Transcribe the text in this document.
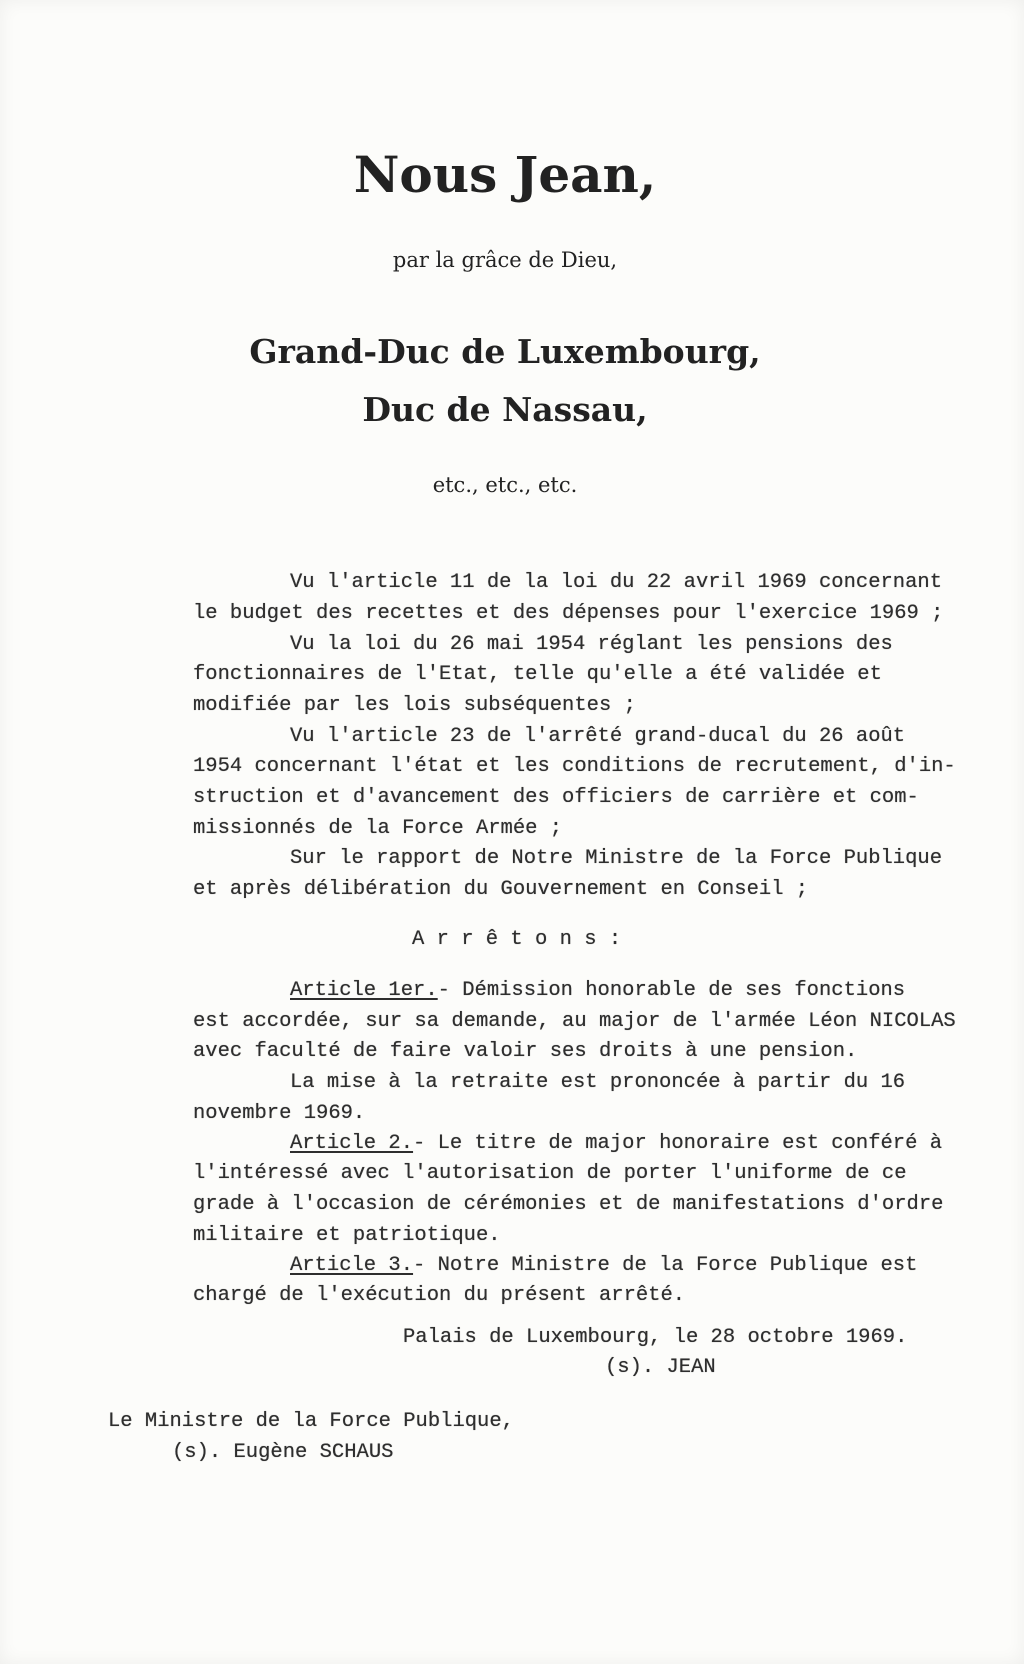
Nous Jean,
par la grâce de Dieu,
Grand-Duc de Luxembourg,
Duc de Nassau,
etc., etc., etc.
Vu l'article 11 de la loi du 22 avril 1969 concernant
le budget des recettes et des dépenses pour l'exercice 1969 ;
Vu la loi du 26 mai 1954 réglant les pensions des
fonctionnaires de l'Etat, telle qu'elle a été validée et
modifiée par les lois subséquentes ;
Vu l'article 23 de l'arrêté grand-ducal du 26 août
1954 concernant l'état et les conditions de recrutement, d'in-
struction et d'avancement des officiers de carrière et com-
missionnés de la Force Armée ;
Sur le rapport de Notre Ministre de la Force Publique
et après délibération du Gouvernement en Conseil ;
A r r ê t o n s :
Article 1er.- Démission honorable de ses fonctions
est accordée, sur sa demande, au major de l'armée Léon NICOLAS
avec faculté de faire valoir ses droits à une pension.
La mise à la retraite est prononcée à partir du 16
novembre 1969.
Article 2.- Le titre de major honoraire est conféré à
l'intéressé avec l'autorisation de porter l'uniforme de ce
grade à l'occasion de cérémonies et de manifestations d'ordre
militaire et patriotique.
Article 3.- Notre Ministre de la Force Publique est
chargé de l'exécution du présent arrêté.
Palais de Luxembourg, le 28 octobre 1969.
(s). JEAN
Le Ministre de la Force Publique,
(s). Eugène SCHAUS
